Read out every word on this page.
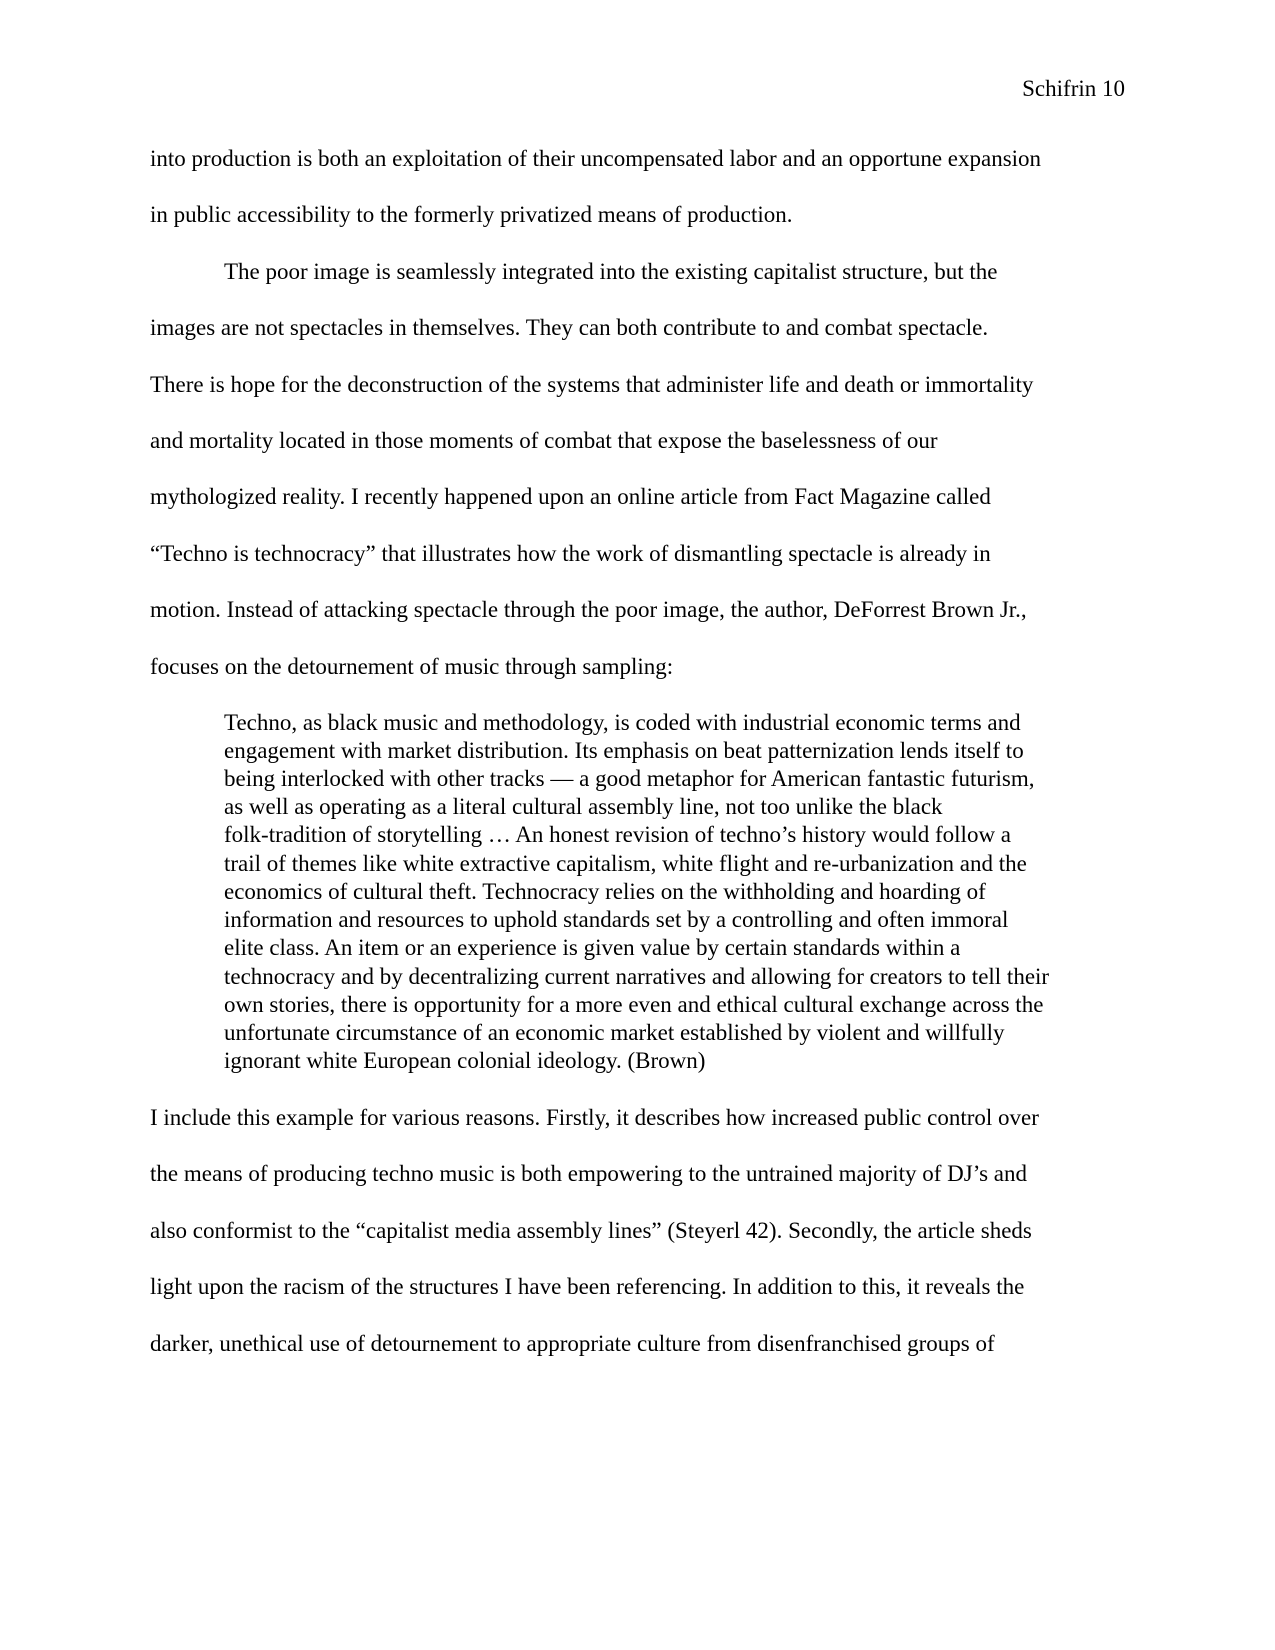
Schifrin 10
into production is both an exploitation of their uncompensated labor and an opportune expansion
in public accessibility to the formerly privatized means of production.
The poor image is seamlessly integrated into the existing capitalist structure, but the
images are not spectacles in themselves. They can both contribute to and combat spectacle.
There is hope for the deconstruction of the systems that administer life and death or immortality
and mortality located in those moments of combat that expose the baselessness of our
mythologized reality. I recently happened upon an online article from Fact Magazine called
“Techno is technocracy” that illustrates how the work of dismantling spectacle is already in
motion. Instead of attacking spectacle through the poor image, the author, DeForrest Brown Jr.,
focuses on the detournement of music through sampling:
Techno, as black music and methodology, is coded with industrial economic terms and
engagement with market distribution. Its emphasis on beat patternization lends itself to
being interlocked with other tracks — a good metaphor for American fantastic futurism,
as well as operating as a literal cultural assembly line, not too unlike the black
folk-tradition of storytelling … An honest revision of techno’s history would follow a
trail of themes like white extractive capitalism, white flight and re-urbanization and the
economics of cultural theft. Technocracy relies on the withholding and hoarding of
information and resources to uphold standards set by a controlling and often immoral
elite class. An item or an experience is given value by certain standards within a
technocracy and by decentralizing current narratives and allowing for creators to tell their
own stories, there is opportunity for a more even and ethical cultural exchange across the
unfortunate circumstance of an economic market established by violent and willfully
ignorant white European colonial ideology. (Brown)
I include this example for various reasons. Firstly, it describes how increased public control over
the means of producing techno music is both empowering to the untrained majority of DJ’s and
also conformist to the “capitalist media assembly lines” (Steyerl 42). Secondly, the article sheds
light upon the racism of the structures I have been referencing. In addition to this, it reveals the
darker, unethical use of detournement to appropriate culture from disenfranchised groups of
